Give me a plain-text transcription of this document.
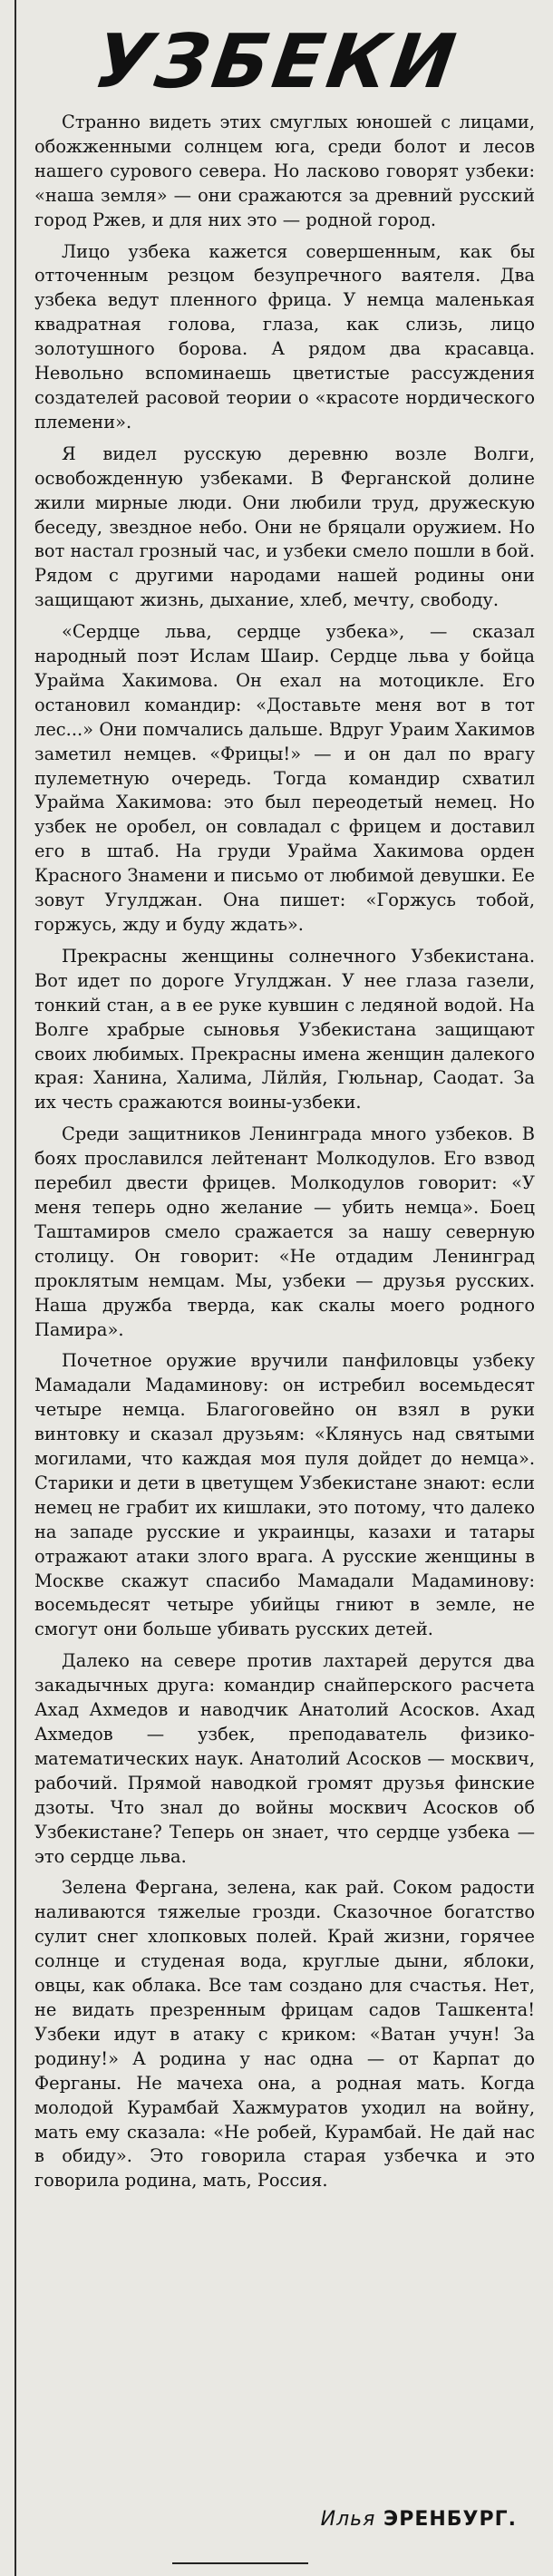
УЗБЕКИ

Странно видеть этих смуглых юношей с лицами, обожженными солнцем юга, среди болот и лесов нашего сурового севера. Но ласково говорят узбеки: «наша земля» — они сражаются за древний русский город Ржев, и для них это — родной город.

Лицо узбека кажется совершенным, как бы отточенным резцом безупречного ваятеля. Два узбека ведут пленного фрица. У немца маленькая квадратная голова, глаза, как слизь, лицо золотушного борова. А рядом два красавца. Невольно вспоминаешь цветистые рассуждения создателей расовой теории о «красоте нордического племени».

Я видел русскую деревню возле Волги, освобожденную узбеками. В Ферганской долине жили мирные люди. Они любили труд, дружескую беседу, звездное небо. Они не бряцали оружием. Но вот настал грозный час, и узбеки смело пошли в бой. Рядом с другими народами нашей родины они защищают жизнь, дыхание, хлеб, мечту, свободу.

«Сердце льва, сердце узбека», — сказал народный поэт Ислам Шаир. Сердце льва у бойца Урайма Хакимова. Он ехал на мотоцикле. Его остановил командир: «Доставьте меня вот в тот лес...» Они помчались дальше. Вдруг Ураим Хакимов заметил немцев. «Фрицы!» — и он дал по врагу пулеметную очередь. Тогда командир схватил Урайма Хакимова: это был переодетый немец. Но узбек не оробел, он совладал с фрицем и доставил его в штаб. На груди Урайма Хакимова орден Красного Знамени и письмо от любимой девушки. Ее зовут Угулджан. Она пишет: «Горжусь тобой, горжусь, жду и буду ждать».

Прекрасны женщины солнечного Узбекистана. Вот идет по дороге Угулджан. У нее глаза газели, тонкий стан, а в ее руке кувшин с ледяной водой. На Волге храбрые сыновья Узбекистана защищают своих любимых. Прекрасны имена женщин далекого края: Ханина, Халима, Лйлйя, Гюльнар, Саодат. За их честь сражаются воины-узбеки.

Среди защитников Ленинграда много узбеков. В боях прославился лейтенант Молкодулов. Его взвод перебил двести фрицев. Молкодулов говорит: «У меня теперь одно желание — убить немца». Боец Таштамиров смело сражается за нашу северную столицу. Он говорит: «Не отдадим Ленинград проклятым немцам. Мы, узбеки — друзья русских. Наша дружба тверда, как скалы моего родного Памира».

Почетное оружие вручили панфиловцы узбеку Мамадали Мадаминову: он истребил восемьдесят четыре немца. Благоговейно он взял в руки винтовку и сказал друзьям: «Клянусь над святыми могилами, что каждая моя пуля дойдет до немца». Старики и дети в цветущем Узбекистане знают: если немец не грабит их кишлаки, это потому, что далеко на западе русские и украинцы, казахи и татары отражают атаки злого врага. А русские женщины в Москве скажут спасибо Мамадали Мадаминову: восемьдесят четыре убийцы гниют в земле, не смогут они больше убивать русских детей.

Далеко на севере против лахтарей дерутся два закадычных друга: командир снайперского расчета Ахад Ахмедов и наводчик Анатолий Асосков. Ахад Ахмедов — узбек, преподаватель физико-математических наук. Анатолий Асосков — москвич, рабочий. Прямой наводкой громят друзья финские дзоты. Что знал до войны москвич Асосков об Узбекистане? Теперь он знает, что сердце узбека — это сердце льва.

Зелена Фергана, зелена, как рай. Соком радости наливаются тяжелые грозди. Сказочное богатство сулит снег хлопковых полей. Край жизни, горячее солнце и студеная вода, круглые дыни, яблоки, овцы, как облака. Все там создано для счастья. Нет, не видать презренным фрицам садов Ташкента! Узбеки идут в атаку с криком: «Ватан учун! За родину!» А родина у нас одна — от Карпат до Ферганы. Не мачеха она, а родная мать. Когда молодой Курамбай Хажмуратов уходил на войну, мать ему сказала: «Не робей, Курамбай. Не дай нас в обиду». Это говорила старая узбечка и это говорила родина, мать, Россия.

Илья ЭРЕНБУРГ.
